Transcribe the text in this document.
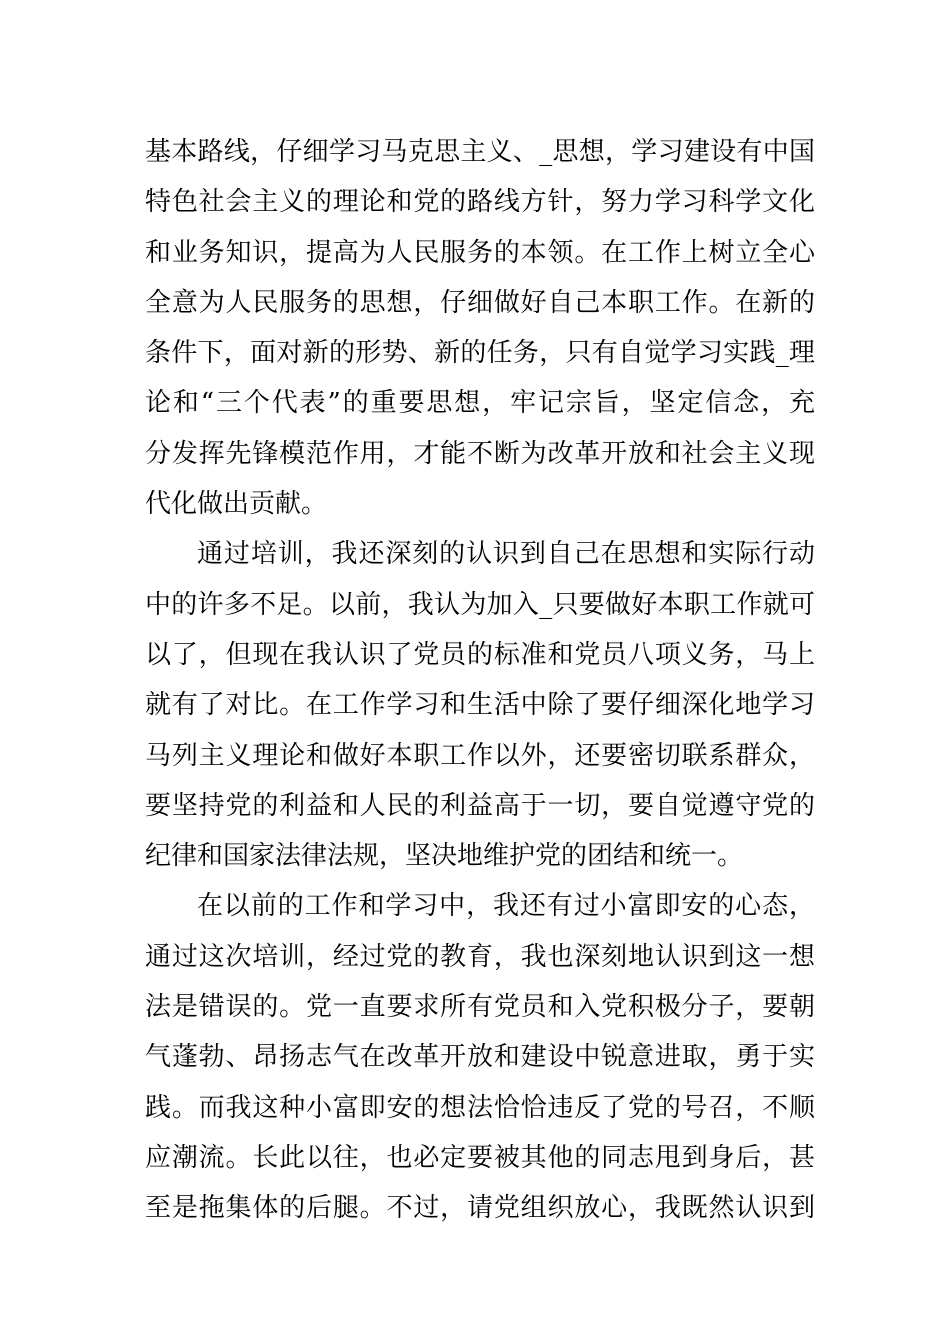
基本路线，仔细学习马克思主义、_思想，学习建设有中国
特色社会主义的理论和党的路线方针，努力学习科学文化
和业务知识，提高为人民服务的本领。在工作上树立全心
全意为人民服务的思想，仔细做好自己本职工作。在新的
条件下，面对新的形势、新的任务，只有自觉学习实践_理
论和“三个代表”的重要思想，牢记宗旨，坚定信念，充
分发挥先锋模范作用，才能不断为改革开放和社会主义现
代化做出贡献。
通过培训，我还深刻的认识到自己在思想和实际行动
中的许多不足。以前，我认为加入_只要做好本职工作就可
以了，但现在我认识了党员的标准和党员八项义务，马上
就有了对比。在工作学习和生活中除了要仔细深化地学习
马列主义理论和做好本职工作以外，还要密切联系群众，
要坚持党的利益和人民的利益高于一切，要自觉遵守党的
纪律和国家法律法规，坚决地维护党的团结和统一。
在以前的工作和学习中，我还有过小富即安的心态，
通过这次培训，经过党的教育，我也深刻地认识到这一想
法是错误的。党一直要求所有党员和入党积极分子，要朝
气蓬勃、昂扬志气在改革开放和建设中锐意进取，勇于实
践。而我这种小富即安的想法恰恰违反了党的号召，不顺
应潮流。长此以往，也必定要被其他的同志甩到身后，甚
至是拖集体的后腿。不过，请党组织放心，我既然认识到
